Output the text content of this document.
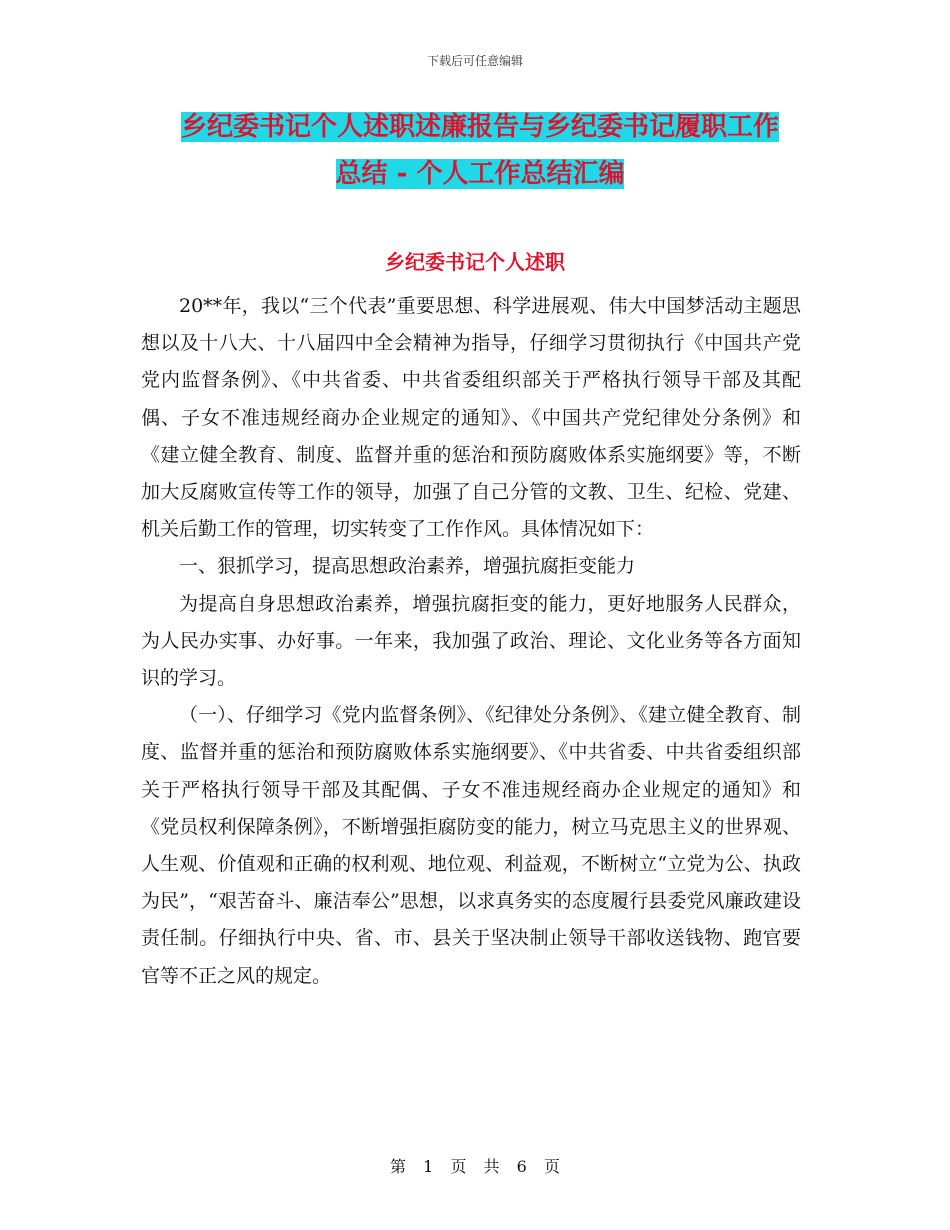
下载后可任意编辑
乡纪委书记个人述职述廉报告与乡纪委书记履职工作
总结 - 个人工作总结汇编
乡纪委书记个人述职

20**年，我以“三个代表”重要思想、科学进展观、伟大中国梦活动主题思想以及十八大、十八届四中全会精神为指导，仔细学习贯彻执行《中国共产党党内监督条例》、《中共省委、中共省委组织部关于严格执行领导干部及其配偶、子女不准违规经商办企业规定的通知》、《中国共产党纪律处分条例》和《建立健全教育、制度、监督并重的惩治和预防腐败体系实施纲要》等，不断加大反腐败宣传等工作的领导，加强了自己分管的文教、卫生、纪检、党建、机关后勤工作的管理，切实转变了工作作风。具体情况如下：

一、狠抓学习，提高思想政治素养，增强抗腐拒变能力

为提高自身思想政治素养，增强抗腐拒变的能力，更好地服务人民群众，为人民办实事、办好事。一年来，我加强了政治、理论、文化业务等各方面知识的学习。

（一）、仔细学习《党内监督条例》、《纪律处分条例》、《建立健全教育、制度、监督并重的惩治和预防腐败体系实施纲要》、《中共省委、中共省委组织部关于严格执行领导干部及其配偶、子女不准违规经商办企业规定的通知》和《党员权利保障条例》，不断增强拒腐防变的能力，树立马克思主义的世界观、人生观、价值观和正确的权利观、地位观、利益观，不断树立“立党为公、执政为民”，“艰苦奋斗、廉洁奉公”思想，以求真务实的态度履行县委党风廉政建设责任制。仔细执行中央、省、市、县关于坚决制止领导干部收送钱物、跑官要官等不正之风的规定。

第 1 页 共 6 页
